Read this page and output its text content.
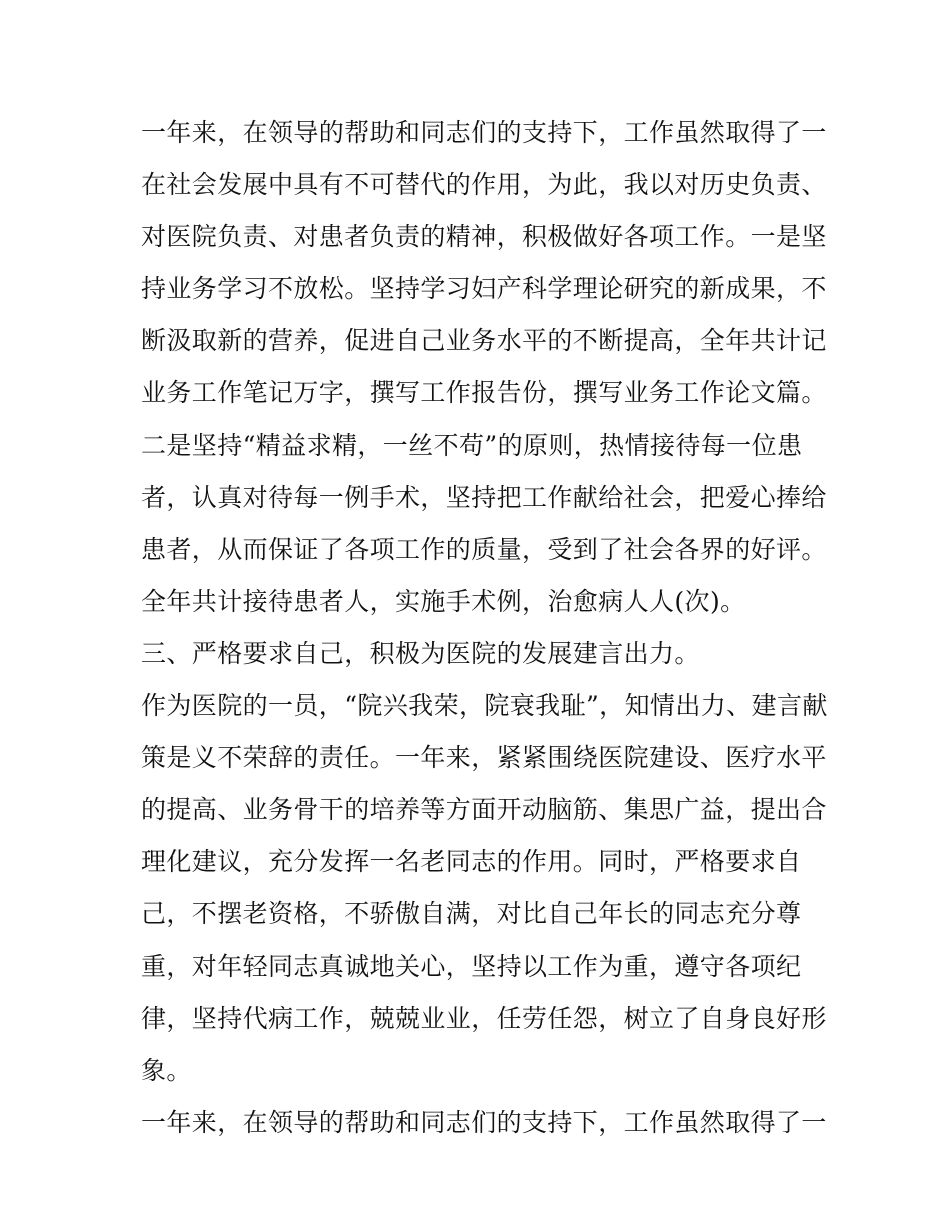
一年来，在领导的帮助和同志们的支持下，工作虽然取得了一
在社会发展中具有不可替代的作用，为此，我以对历史负责、
对医院负责、对患者负责的精神，积极做好各项工作。一是坚
持业务学习不放松。坚持学习妇产科学理论研究的新成果，不
断汲取新的营养，促进自己业务水平的不断提高，全年共计记
业务工作笔记万字，撰写工作报告份，撰写业务工作论文篇。
二是坚持“精益求精，一丝不苟”的原则，热情接待每一位患
者，认真对待每一例手术，坚持把工作献给社会，把爱心捧给
患者，从而保证了各项工作的质量，受到了社会各界的好评。
全年共计接待患者人，实施手术例，治愈病人人(次)。
三、严格要求自己，积极为医院的发展建言出力。
作为医院的一员，“院兴我荣，院衰我耻”，知情出力、建言献
策是义不荣辞的责任。一年来，紧紧围绕医院建设、医疗水平
的提高、业务骨干的培养等方面开动脑筋、集思广益，提出合
理化建议，充分发挥一名老同志的作用。同时，严格要求自
己，不摆老资格，不骄傲自满，对比自己年长的同志充分尊
重，对年轻同志真诚地关心，坚持以工作为重，遵守各项纪
律，坚持代病工作，兢兢业业，任劳任怨，树立了自身良好形
象。
一年来，在领导的帮助和同志们的支持下，工作虽然取得了一
